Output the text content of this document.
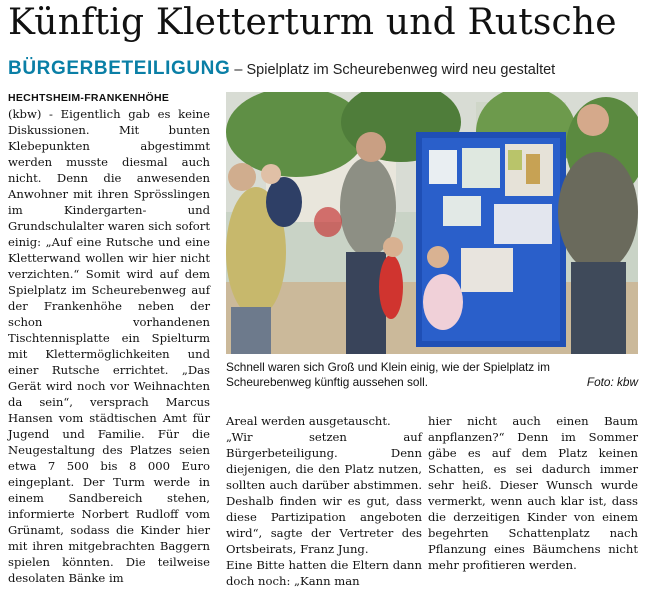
Künftig Kletterturm und Rutsche
BÜRGERBETEILIGUNG – Spielplatz im Scheurebenweg wird neu gestaltet
HECHTSHEIM-FRANKENHÖHE
(kbw) - Eigentlich gab es keine Diskussionen. Mit bunten Klebepunkten abgestimmt werden musste diesmal auch nicht. Denn die anwesenden Anwohner mit ihren Sprösslingen im Kindergarten- und Grundschulalter waren sich sofort einig: „Auf eine Rutsche und eine Kletterwand wollen wir hier nicht verzichten.“ Somit wird auf dem Spielplatz im Scheurebenweg auf der Frankenhöhe neben der schon vorhandenen Tischtennisplatte ein Spielturm mit Klettermöglichkeiten und einer Rutsche errichtet. „Das Gerät wird noch vor Weihnachten da sein“, versprach Marcus Hansen vom städtischen Amt für Jugend und Familie. Für die Neugestaltung des Platzes seien etwa 7 500 bis 8 000 Euro eingeplant. Der Turm werde in einem Sandbereich stehen, informierte Norbert Rudloff vom Grünamt, sodass die Kinder hier mit ihren mitgebrachten Baggern spielen könnten. Die teilweise desolaten Bänke im
Schnell waren sich Groß und Klein einig, wie der Spielplatz im Scheurebenweg künftig aussehen soll.	Foto: kbw
Areal werden ausgetauscht.
„Wir setzen auf Bürgerbeteiligung. Denn diejenigen, die den Platz nutzen, sollten auch darüber abstimmen. Deshalb finden wir es gut, dass diese Partizipation angeboten wird“, sagte der Vertreter des Ortsbeirats, Franz Jung.
Eine Bitte hatten die Eltern dann doch noch: „Kann man
hier nicht auch einen Baum anpflanzen?“ Denn im Sommer gäbe es auf dem Platz keinen Schatten, es sei dadurch immer sehr heiß. Dieser Wunsch wurde vermerkt, wenn auch klar ist, dass die derzeitigen Kinder von einem begehrten Schattenplatz nach Pflanzung eines Bäumchens nicht mehr profitieren werden.
